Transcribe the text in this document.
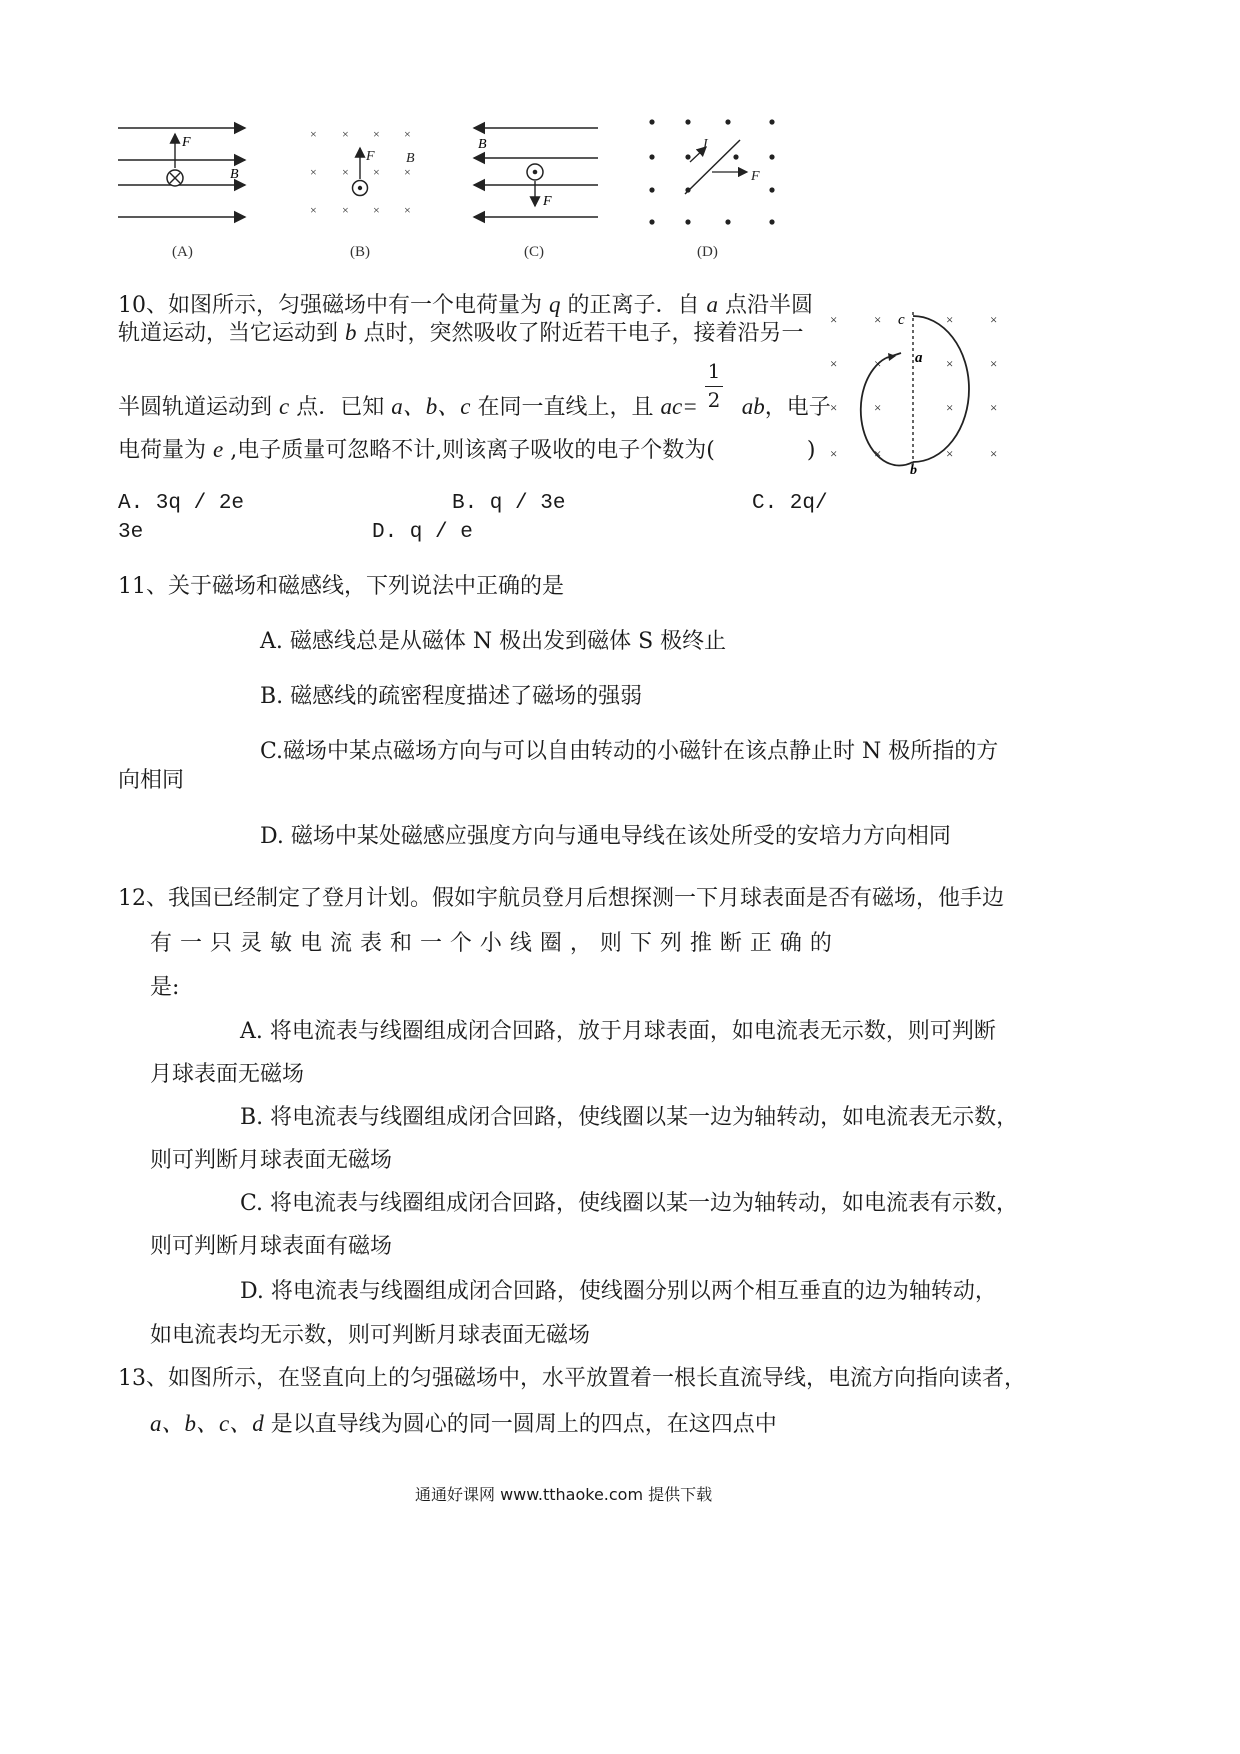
F
B
× × × ×
× × × ×
× × × ×
F B
B
F
I
F
(A)	(B)	(C)	(D)
10、如图所示，匀强磁场中有一个电荷量为 q 的正离子．自 a 点沿半圆
轨道运动，当它运动到 b 点时，突然吸收了附近若干电子，接着沿另一
半圆轨道运动到 c 点．已知 a、b、c 在同一直线上，且 ac= ab，电子
1
2
电荷量为 e ,电子质量可忽略不计,则该离子吸收的电子个数为(	)
A. 3q / 2e	B. q / 3e	C. 2q/
3e	D. q / e
×	×	×	×
×	×	×	×
×	×	×	×
×	×	×	×
c
a
b
11、关于磁场和磁感线，下列说法中正确的是
A. 磁感线总是从磁体 N 极出发到磁体 S 极终止
B. 磁感线的疏密程度描述了磁场的强弱
C.磁场中某点磁场方向与可以自由转动的小磁针在该点静止时 N 极所指的方
向相同
D. 磁场中某处磁感应强度方向与通电导线在该处所受的安培力方向相同
12、我国已经制定了登月计划。假如宇航员登月后想探测一下月球表面是否有磁场，他手边
有 一 只 灵 敏 电 流 表 和 一 个 小 线 圈 ， 则 下 列 推 断 正 确 的
是:
A. 将电流表与线圈组成闭合回路，放于月球表面，如电流表无示数，则可判断
月球表面无磁场
B. 将电流表与线圈组成闭合回路，使线圈以某一边为轴转动，如电流表无示数，
则可判断月球表面无磁场
C. 将电流表与线圈组成闭合回路，使线圈以某一边为轴转动，如电流表有示数，
则可判断月球表面有磁场
D. 将电流表与线圈组成闭合回路，使线圈分别以两个相互垂直的边为轴转动，
如电流表均无示数，则可判断月球表面无磁场
13、如图所示，在竖直向上的匀强磁场中，水平放置着一根长直流导线，电流方向指向读者，
a、b、c、d 是以直导线为圆心的同一圆周上的四点，在这四点中
通通好课网 www.tthaoke.com 提供下载
